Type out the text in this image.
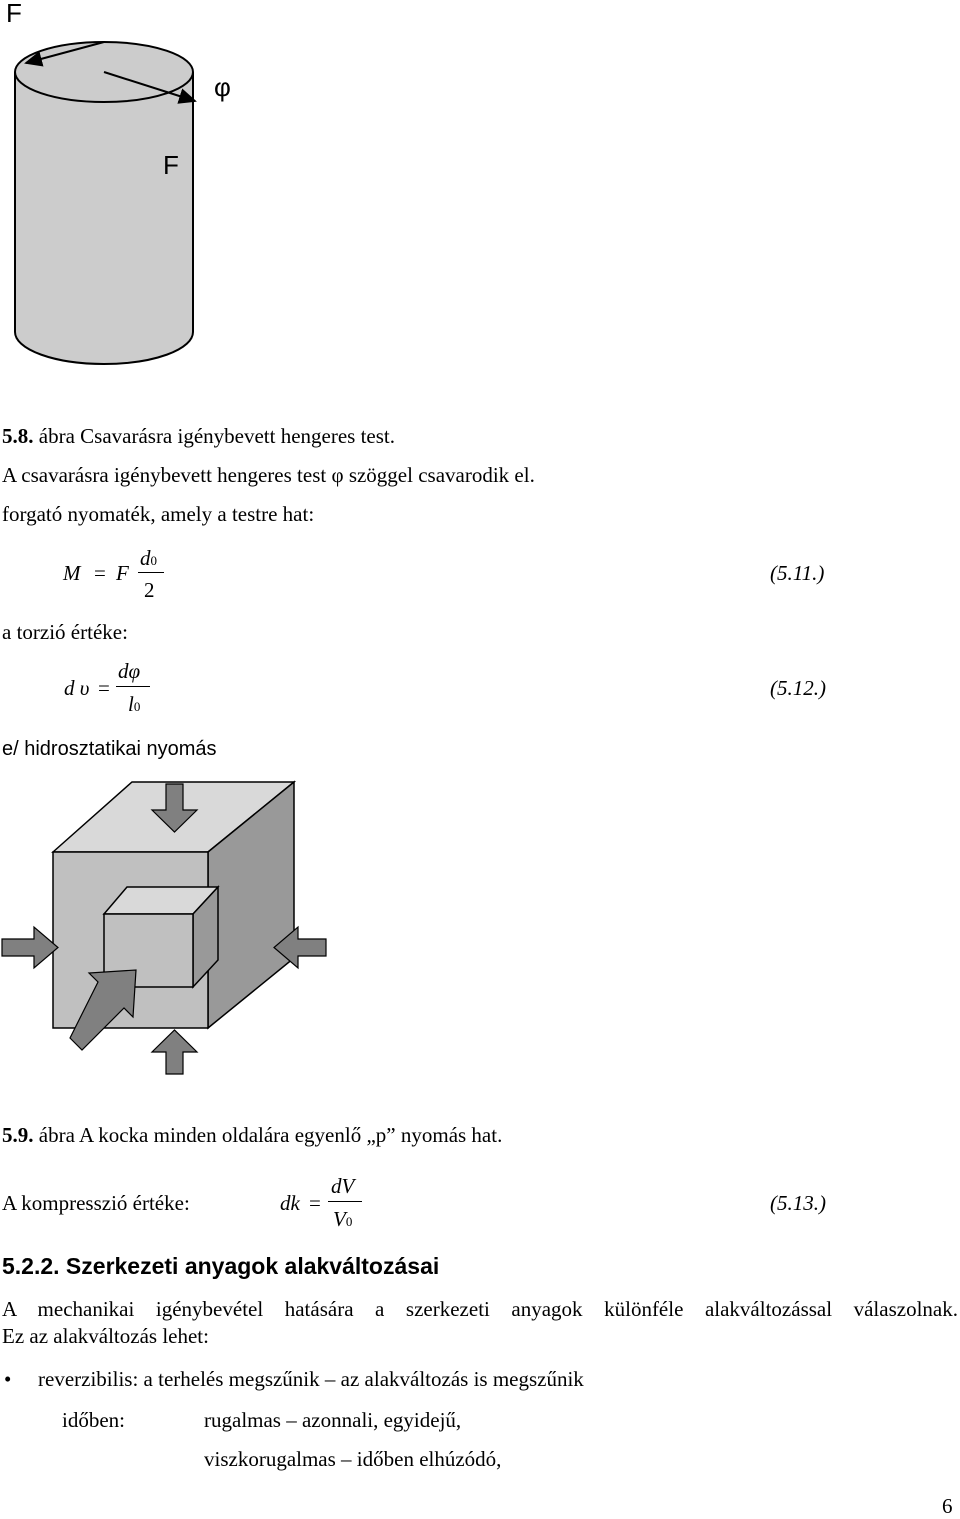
F
φ
F
5.8. ábra Csavarásra igénybevett hengeres test.
A csavarásra igénybevett hengeres test φ szöggel csavarodik el.
forgató nyomaték, amely a testre hat:
M = F
d0
2
(5.11.)
a torzió értéke:
d υ =
dφ
l0
(5.12.)
e/ hidrosztatikai nyomás
5.9. ábra A kocka minden oldalára egyenlő „p” nyomás hat.
A kompresszió értéke:	dk =
dV
V0
(5.13.)
5.2.2. Szerkezeti anyagok alakváltozásai
A mechanikai igénybevétel hatására a szerkezeti anyagok különféle alakváltozással válaszolnak.
Ez az alakváltozás lehet:
• reverzibilis: a terhelés megszűnik – az alakváltozás is megszűnik
időben:	rugalmas – azonnali, egyidejű,
viszkorugalmas – időben elhúzódó,
6
